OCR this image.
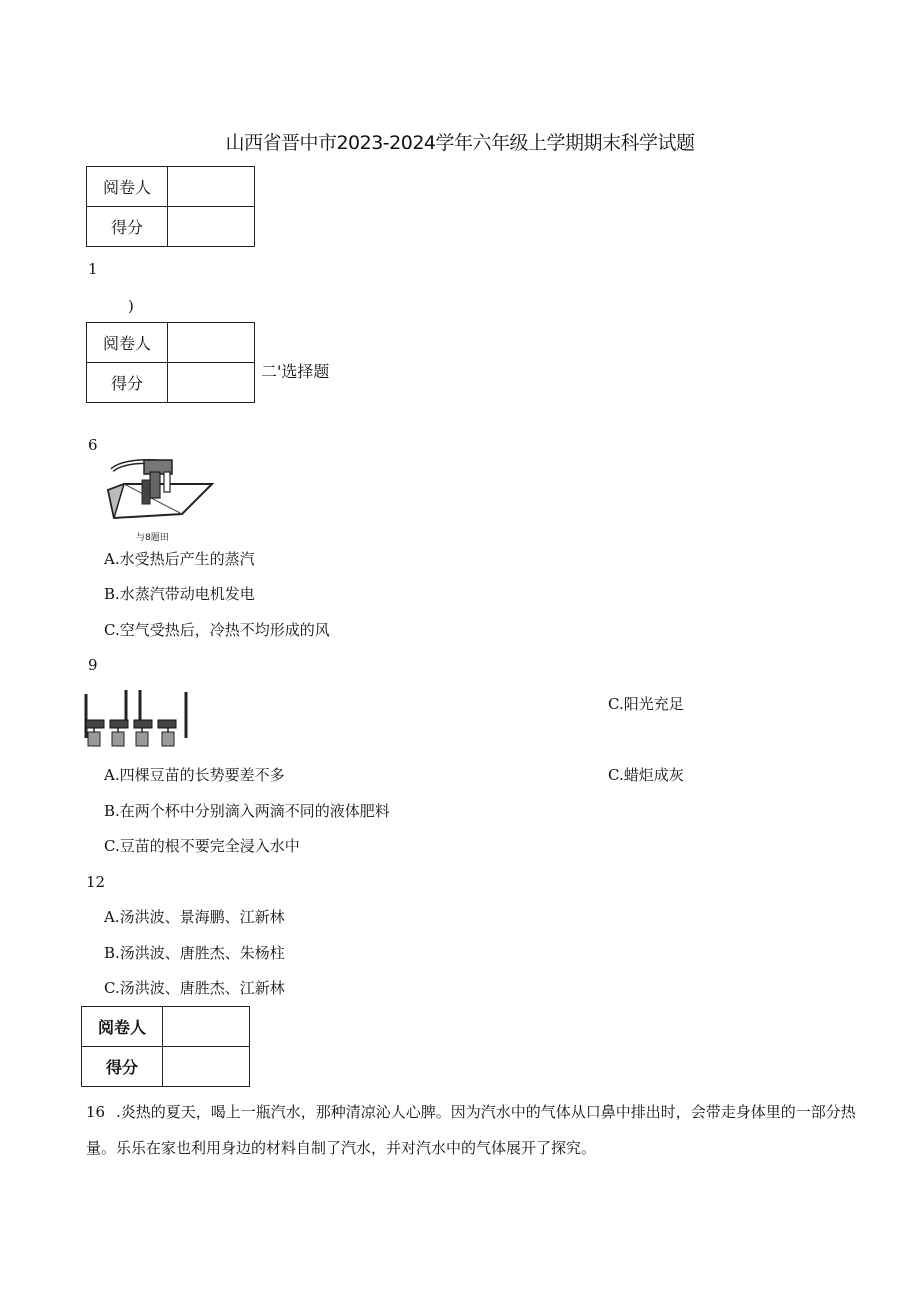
山西省晋中市2023-2024学年六年级上学期期末科学试题
阅卷人	
得分	
1
)
阅卷人	
得分	
二'选择题
6
与8题田
A.水受热后产生的蒸汽
B.水蒸汽带动电机发电
C.空气受热后，冷热不均形成的风
9
C.阳光充足
A.四棵豆苗的长势要差不多	C.蜡炬成灰
B.在两个杯中分别滴入两滴不同的液体肥料
C.豆苗的根不要完全浸入水中
12
A.汤洪波、景海鹏、江新林
B.汤洪波、唐胜杰、朱杨柱
C.汤洪波、唐胜杰、江新林
阅卷人	
得分	
16 .炎热的夏天，喝上一瓶汽水，那种清凉沁人心脾。因为汽水中的气体从口鼻中排出时，会带走身体里的一部分热量。乐乐在家也利用身边的材料自制了汽水，并对汽水中的气体展开了探究。
